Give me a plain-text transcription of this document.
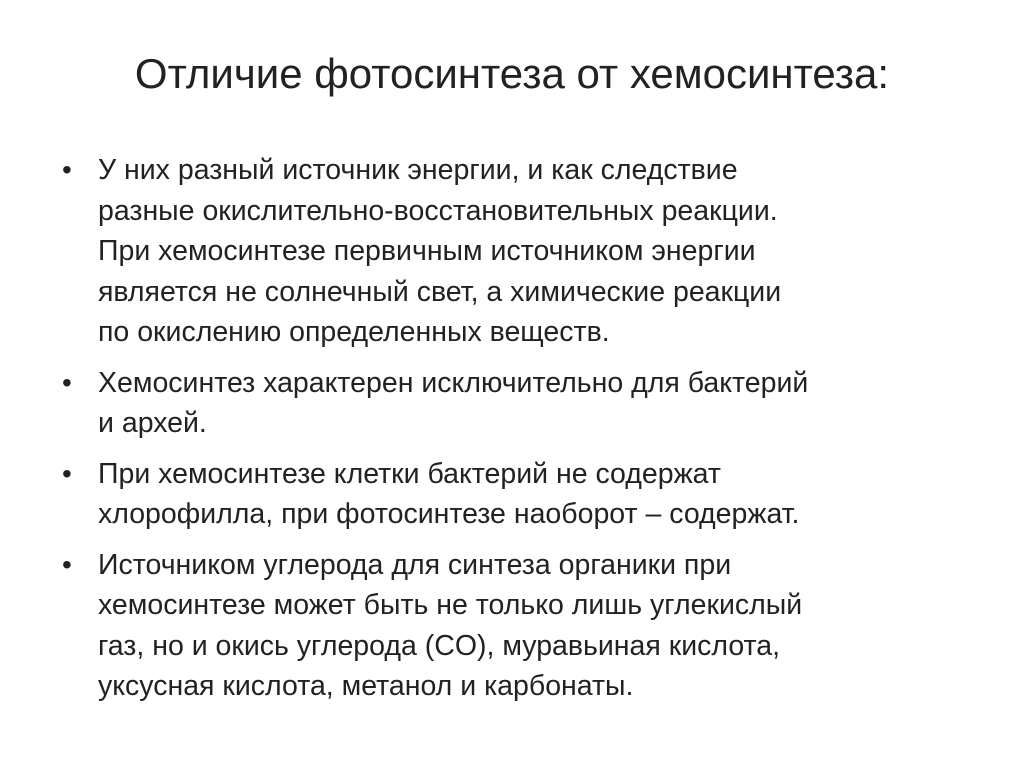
Отличие фотосинтеза от хемосинтеза:
• У них разный источник энергии, и как следствие
разные окислительно-восстановительных реакции.
При хемосинтезе первичным источником энергии
является не солнечный свет, а химические реакции
по окислению определенных веществ.
• Хемосинтез характерен исключительно для бактерий
и архей.
• При хемосинтезе клетки бактерий не содержат
хлорофилла, при фотосинтезе наоборот – содержат.
• Источником углерода для синтеза органики при
хемосинтезе может быть не только лишь углекислый
газ, но и окись углерода (CO), муравьиная кислота,
уксусная кислота, метанол и карбонаты.
